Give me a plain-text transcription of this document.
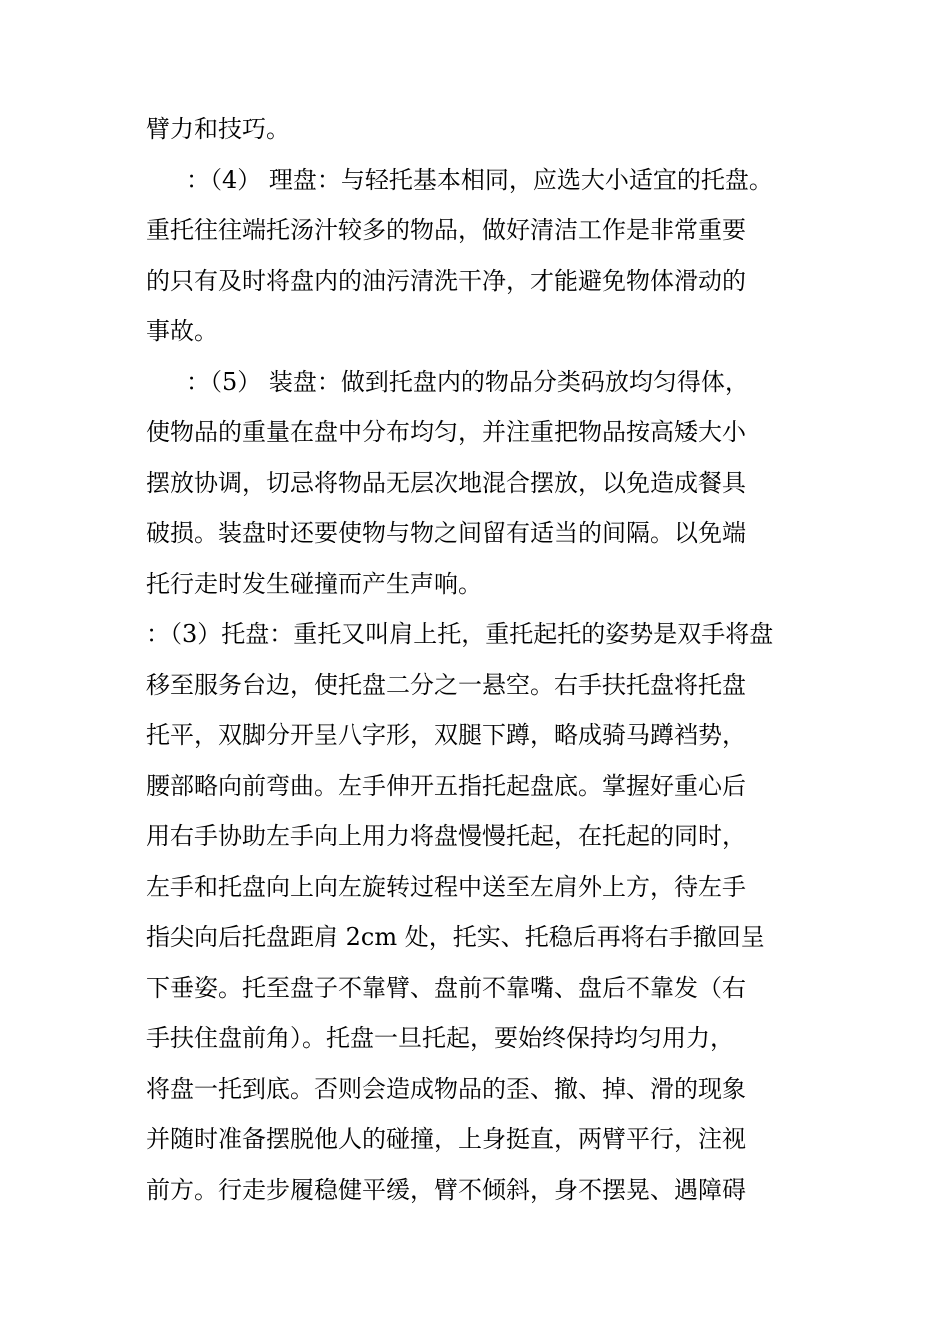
臂力和技巧。
：（4） 理盘：与轻托基本相同，应选大小适宜的托盘。
重托往往端托汤汁较多的物品，做好清洁工作是非常重要
的只有及时将盘内的油污清洗干净，才能避免物体滑动的
事故。
：（5） 装盘：做到托盘内的物品分类码放均匀得体，
使物品的重量在盘中分布均匀，并注重把物品按高矮大小
摆放协调，切忌将物品无层次地混合摆放，以免造成餐具
破损。装盘时还要使物与物之间留有适当的间隔。以免端
托行走时发生碰撞而产生声响。
：（3）托盘：重托又叫肩上托，重托起托的姿势是双手将盘
移至服务台边，使托盘二分之一悬空。右手扶托盘将托盘
托平，双脚分开呈八字形，双腿下蹲，略成骑马蹲裆势，
腰部略向前弯曲。左手伸开五指托起盘底。掌握好重心后
用右手协助左手向上用力将盘慢慢托起，在托起的同时，
左手和托盘向上向左旋转过程中送至左肩外上方，待左手
指尖向后托盘距肩 2cm 处，托实、托稳后再将右手撤回呈
下垂姿。托至盘子不靠臂、盘前不靠嘴、盘后不靠发（右
手扶住盘前角）。托盘一旦托起，要始终保持均匀用力，
将盘一托到底。否则会造成物品的歪、撤、掉、滑的现象
并随时准备摆脱他人的碰撞，上身挺直，两臂平行，注视
前方。行走步履稳健平缓，臂不倾斜，身不摆晃、遇障碍
